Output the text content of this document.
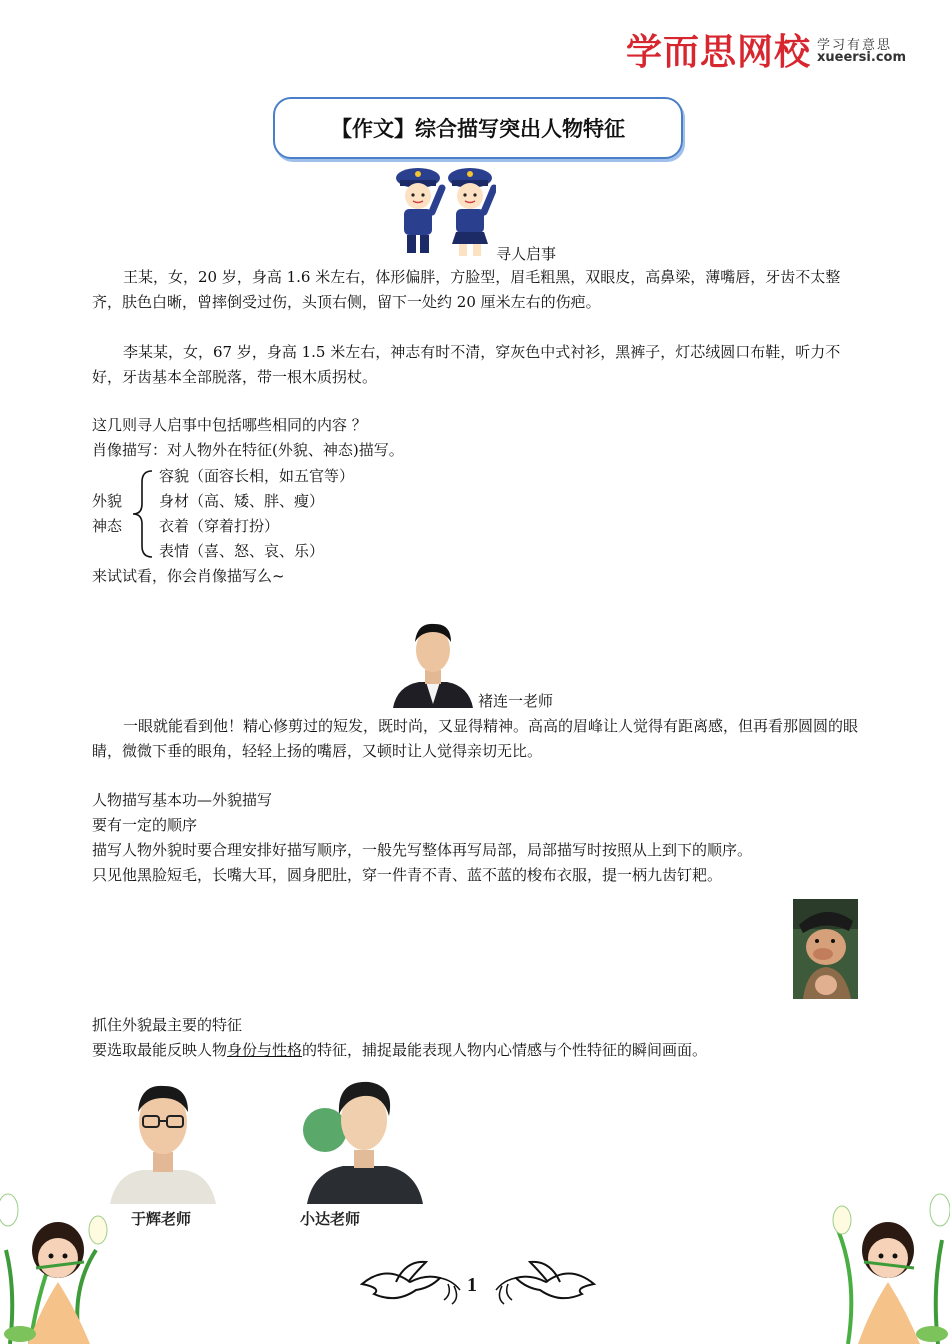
学而思网校 学习有意思
xueersi.com
【作文】综合描写突出人物特征
寻人启事
王某，女，20 岁，身高 1.6 米左右，体形偏胖，方脸型，眉毛粗黑，双眼皮，高鼻梁，薄嘴唇，牙齿不太整齐，肤色白晰，曾摔倒受过伤，头顶右侧，留下一处约 20 厘米左右的伤疤。
李某某，女，67 岁，身高 1.5 米左右，神志有时不清，穿灰色中式衬衫，黑裤子，灯芯绒圆口布鞋，听力不好，牙齿基本全部脱落，带一根木质拐杖。
这几则寻人启事中包括哪些相同的内容 ？
肖像描写：对人物外在特征(外貌、神态)描写。
外貌
神态
容貌（面容长相，如五官等）
身材（高、矮、胖、瘦）
衣着（穿着打扮）
表情（喜、怒、哀、乐）
来试试看，你会肖像描写么~
褚连一老师
一眼就能看到他！精心修剪过的短发，既时尚，又显得精神。高高的眉峰让人觉得有距离感，但再看那圆圆的眼睛，微微下垂的眼角，轻轻上扬的嘴唇，又顿时让人觉得亲切无比。
人物描写基本功—外貌描写
要有一定的顺序
描写人物外貌时要合理安排好描写顺序，一般先写整体再写局部，局部描写时按照从上到下的顺序。
只见他黑脸短毛，长嘴大耳，圆身肥肚，穿一件青不青、蓝不蓝的梭布衣服，提一柄九齿钉耙。
抓住外貌最主要的特征
要选取最能反映人物身份与性格的特征，捕捉最能表现人物内心情感与个性特征的瞬间画面。
于辉老师	小达老师
1
